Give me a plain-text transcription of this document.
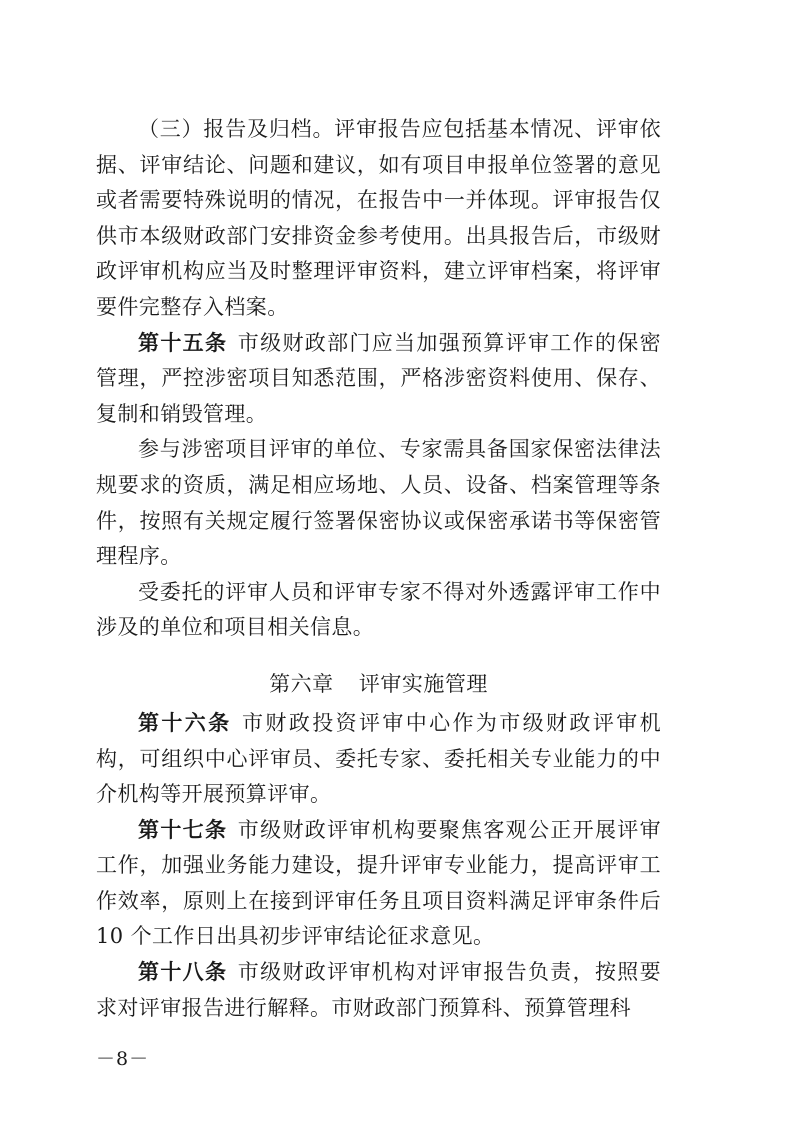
（三）报告及归档。评审报告应包括基本情况、评审依据、评审结论、问题和建议，如有项目申报单位签署的意见或者需要特殊说明的情况，在报告中一并体现。评审报告仅供市本级财政部门安排资金参考使用。出具报告后，市级财政评审机构应当及时整理评审资料，建立评审档案，将评审要件完整存入档案。

第十五条 市级财政部门应当加强预算评审工作的保密管理，严控涉密项目知悉范围，严格涉密资料使用、保存、复制和销毁管理。

参与涉密项目评审的单位、专家需具备国家保密法律法规要求的资质，满足相应场地、人员、设备、档案管理等条件，按照有关规定履行签署保密协议或保密承诺书等保密管理程序。

受委托的评审人员和评审专家不得对外透露评审工作中涉及的单位和项目相关信息。

第六章 评审实施管理

第十六条 市财政投资评审中心作为市级财政评审机构，可组织中心评审员、委托专家、委托相关专业能力的中介机构等开展预算评审。

第十七条 市级财政评审机构要聚焦客观公正开展评审工作，加强业务能力建设，提升评审专业能力，提高评审工作效率，原则上在接到评审任务且项目资料满足评审条件后 10 个工作日出具初步评审结论征求意见。

第十八条 市级财政评审机构对评审报告负责，按照要求对评审报告进行解释。市财政部门预算科、预算管理科

－8－
